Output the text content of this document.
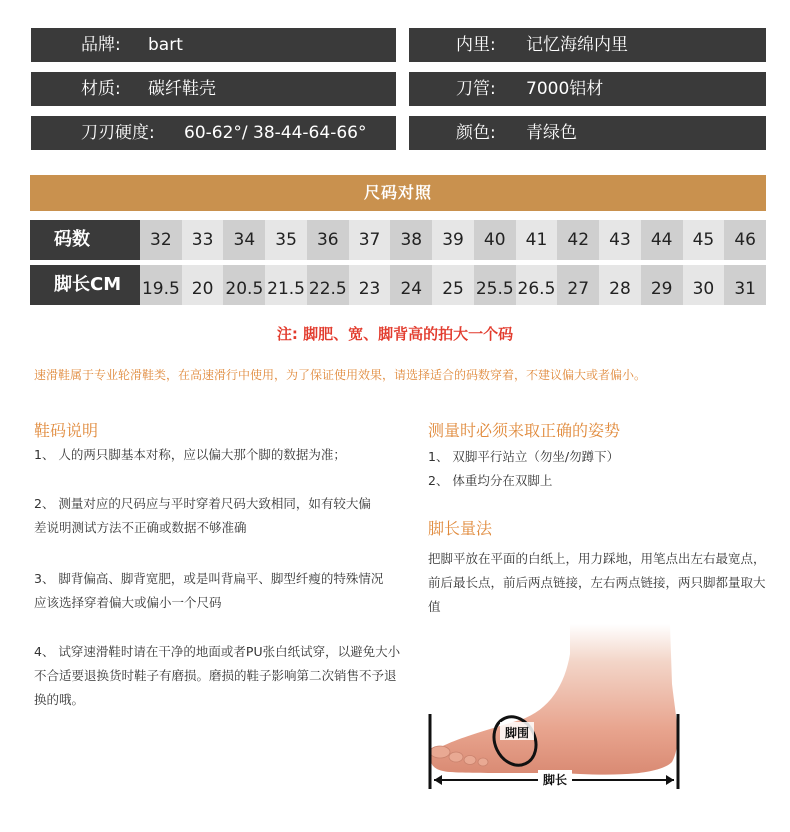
品牌: bart	内里: 记忆海绵内里
材质: 碳纤鞋壳	刀管: 7000铝材
刀刃硬度: 60-62°/ 38-44-64-66°	颜色: 青绿色
尺码对照
码数	32	33	34	35	36	37	38	39	40	41	42	43	44	45	46
脚长CM	19.5 20 20.5 21.5 22.5 23	24	25 25.5 26.5 27	28	29	30	31
注: 脚肥、宽、脚背高的拍大一个码
速滑鞋属于专业轮滑鞋类，在高速滑行中使用，为了保证使用效果，请选择适合的码数穿着，不建议偏大或者偏小。
鞋码说明
1、 人的两只脚基本对称，应以偏大那个脚的数据为准；
2、 测量对应的尺码应与平时穿着尺码大致相同，如有较大偏差说明测试方法不正确或数据不够准确
3、 脚背偏高、脚背宽肥，或是叫背扁平、脚型纤瘦的特殊情况应该选择穿着偏大或偏小一个尺码
4、 试穿速滑鞋时请在干净的地面或者PU张白纸试穿，以避免大小不合适要退换货时鞋子有磨损。磨损的鞋子影响第二次销售不予退换的哦。
测量时必须来取正确的姿势
1、 双脚平行站立（勿坐/勿蹲下）
2、 体重均分在双脚上
脚长量法
把脚平放在平面的白纸上，用力踩地，用笔点出左右最宽点，前后最长点，前后两点链接，左右两点链接，两只脚都量取大值
脚围
脚长
